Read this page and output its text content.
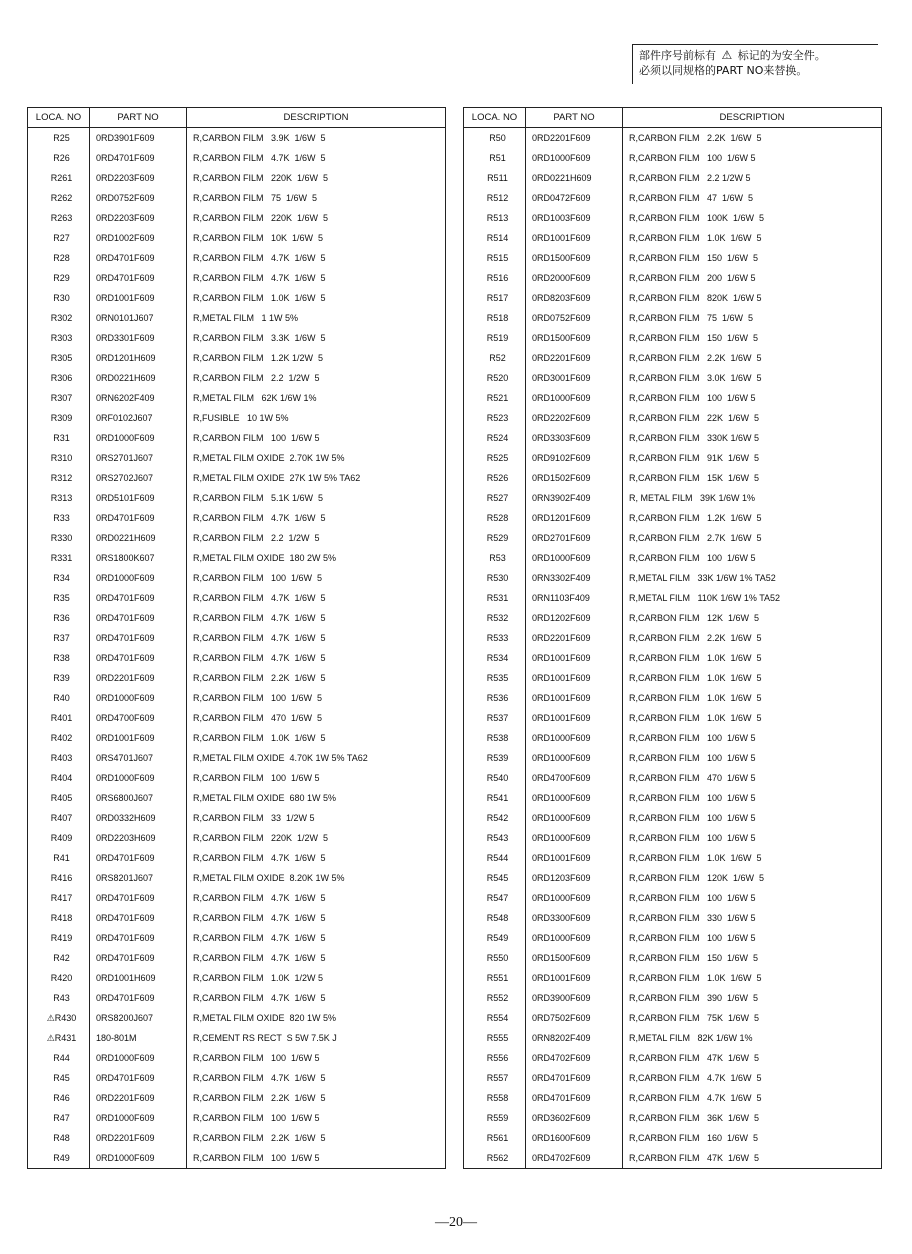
部件序号前标有 ⚠ 标记的为安全件。
必须以同规格的PART NO来替换。
LOCA. NO	PART NO	DESCRIPTION
R25	0RD3901F609	R,CARBON FILM   3.9K  1/6W  5
R26	0RD4701F609	R,CARBON FILM   4.7K  1/6W  5
R261	0RD2203F609	R,CARBON FILM   220K  1/6W  5
R262	0RD0752F609	R,CARBON FILM   75  1/6W  5
R263	0RD2203F609	R,CARBON FILM   220K  1/6W  5
R27	0RD1002F609	R,CARBON FILM   10K  1/6W  5
R28	0RD4701F609	R,CARBON FILM   4.7K  1/6W  5
R29	0RD4701F609	R,CARBON FILM   4.7K  1/6W  5
R30	0RD1001F609	R,CARBON FILM   1.0K  1/6W  5
R302	0RN0101J607	R,METAL FILM   1 1W 5%
R303	0RD3301F609	R,CARBON FILM   3.3K  1/6W  5
R305	0RD1201H609	R,CARBON FILM   1.2K 1/2W  5
R306	0RD0221H609	R,CARBON FILM   2.2  1/2W  5
R307	0RN6202F409	R,METAL FILM   62K 1/6W 1%
R309	0RF0102J607	R,FUSIBLE   10 1W 5%
R31	0RD1000F609	R,CARBON FILM   100  1/6W 5
R310	0RS2701J607	R,METAL FILM OXIDE  2.70K 1W 5%
R312	0RS2702J607	R,METAL FILM OXIDE  27K 1W 5% TA62
R313	0RD5101F609	R,CARBON FILM   5.1K 1/6W  5
R33	0RD4701F609	R,CARBON FILM   4.7K  1/6W  5
R330	0RD0221H609	R,CARBON FILM   2.2  1/2W  5
R331	0RS1800K607	R,METAL FILM OXIDE  180 2W 5%
R34	0RD1000F609	R,CARBON FILM   100  1/6W  5
R35	0RD4701F609	R,CARBON FILM   4.7K  1/6W  5
R36	0RD4701F609	R,CARBON FILM   4.7K  1/6W  5
R37	0RD4701F609	R,CARBON FILM   4.7K  1/6W  5
R38	0RD4701F609	R,CARBON FILM   4.7K  1/6W  5
R39	0RD2201F609	R,CARBON FILM   2.2K  1/6W  5
R40	0RD1000F609	R,CARBON FILM   100  1/6W  5
R401	0RD4700F609	R,CARBON FILM   470  1/6W  5
R402	0RD1001F609	R,CARBON FILM   1.0K  1/6W  5
R403	0RS4701J607	R,METAL FILM OXIDE  4.70K 1W 5% TA62
R404	0RD1000F609	R,CARBON FILM   100  1/6W 5
R405	0RS6800J607	R,METAL FILM OXIDE  680 1W 5%
R407	0RD0332H609	R,CARBON FILM   33  1/2W 5
R409	0RD2203H609	R,CARBON FILM   220K  1/2W  5
R41	0RD4701F609	R,CARBON FILM   4.7K  1/6W  5
R416	0RS8201J607	R,METAL FILM OXIDE  8.20K 1W 5%
R417	0RD4701F609	R,CARBON FILM   4.7K  1/6W  5
R418	0RD4701F609	R,CARBON FILM   4.7K  1/6W  5
R419	0RD4701F609	R,CARBON FILM   4.7K  1/6W  5
R42	0RD4701F609	R,CARBON FILM   4.7K  1/6W  5
R420	0RD1001H609	R,CARBON FILM   1.0K  1/2W 5
R43	0RD4701F609	R,CARBON FILM   4.7K  1/6W  5
⚠R430	0RS8200J607	R,METAL FILM OXIDE  820 1W 5%
⚠R431	180-801M	R,CEMENT RS RECT  S 5W 7.5K J
R44	0RD1000F609	R,CARBON FILM   100  1/6W 5
R45	0RD4701F609	R,CARBON FILM   4.7K  1/6W  5
R46	0RD2201F609	R,CARBON FILM   2.2K  1/6W  5
R47	0RD1000F609	R,CARBON FILM   100  1/6W 5
R48	0RD2201F609	R,CARBON FILM   2.2K  1/6W  5
R49	0RD1000F609	R,CARBON FILM   100  1/6W 5
LOCA. NO	PART NO	DESCRIPTION
R50	0RD2201F609	R,CARBON FILM   2.2K  1/6W  5
R51	0RD1000F609	R,CARBON FILM   100  1/6W 5
R511	0RD0221H609	R,CARBON FILM   2.2 1/2W 5
R512	0RD0472F609	R,CARBON FILM   47  1/6W  5
R513	0RD1003F609	R,CARBON FILM   100K  1/6W  5
R514	0RD1001F609	R,CARBON FILM   1.0K  1/6W  5
R515	0RD1500F609	R,CARBON FILM   150  1/6W  5
R516	0RD2000F609	R,CARBON FILM   200  1/6W 5
R517	0RD8203F609	R,CARBON FILM   820K  1/6W 5
R518	0RD0752F609	R,CARBON FILM   75  1/6W  5
R519	0RD1500F609	R,CARBON FILM   150  1/6W  5
R52	0RD2201F609	R,CARBON FILM   2.2K  1/6W  5
R520	0RD3001F609	R,CARBON FILM   3.0K  1/6W  5
R521	0RD1000F609	R,CARBON FILM   100  1/6W 5
R523	0RD2202F609	R,CARBON FILM   22K  1/6W  5
R524	0RD3303F609	R,CARBON FILM   330K 1/6W 5
R525	0RD9102F609	R,CARBON FILM   91K  1/6W  5
R526	0RD1502F609	R,CARBON FILM   15K  1/6W  5
R527	0RN3902F409	R, METAL FILM   39K 1/6W 1%
R528	0RD1201F609	R,CARBON FILM   1.2K  1/6W  5
R529	0RD2701F609	R,CARBON FILM   2.7K  1/6W  5
R53	0RD1000F609	R,CARBON FILM   100  1/6W 5
R530	0RN3302F409	R,METAL FILM   33K 1/6W 1% TA52
R531	0RN1103F409	R,METAL FILM   110K 1/6W 1% TA52
R532	0RD1202F609	R,CARBON FILM   12K  1/6W  5
R533	0RD2201F609	R,CARBON FILM   2.2K  1/6W  5
R534	0RD1001F609	R,CARBON FILM   1.0K  1/6W  5
R535	0RD1001F609	R,CARBON FILM   1.0K  1/6W  5
R536	0RD1001F609	R,CARBON FILM   1.0K  1/6W  5
R537	0RD1001F609	R,CARBON FILM   1.0K  1/6W  5
R538	0RD1000F609	R,CARBON FILM   100  1/6W 5
R539	0RD1000F609	R,CARBON FILM   100  1/6W 5
R540	0RD4700F609	R,CARBON FILM   470  1/6W 5
R541	0RD1000F609	R,CARBON FILM   100  1/6W 5
R542	0RD1000F609	R,CARBON FILM   100  1/6W 5
R543	0RD1000F609	R,CARBON FILM   100  1/6W 5
R544	0RD1001F609	R,CARBON FILM   1.0K  1/6W  5
R545	0RD1203F609	R,CARBON FILM   120K  1/6W  5
R547	0RD1000F609	R,CARBON FILM   100  1/6W 5
R548	0RD3300F609	R,CARBON FILM   330  1/6W 5
R549	0RD1000F609	R,CARBON FILM   100  1/6W 5
R550	0RD1500F609	R,CARBON FILM   150  1/6W  5
R551	0RD1001F609	R,CARBON FILM   1.0K  1/6W  5
R552	0RD3900F609	R,CARBON FILM   390  1/6W  5
R554	0RD7502F609	R,CARBON FILM   75K  1/6W  5
R555	0RN8202F409	R,METAL FILM   82K 1/6W 1%
R556	0RD4702F609	R,CARBON FILM   47K  1/6W  5
R557	0RD4701F609	R,CARBON FILM   4.7K  1/6W  5
R558	0RD4701F609	R,CARBON FILM   4.7K  1/6W  5
R559	0RD3602F609	R,CARBON FILM   36K  1/6W  5
R561	0RD1600F609	R,CARBON FILM   160  1/6W  5
R562	0RD4702F609	R,CARBON FILM   47K  1/6W  5
—20—
